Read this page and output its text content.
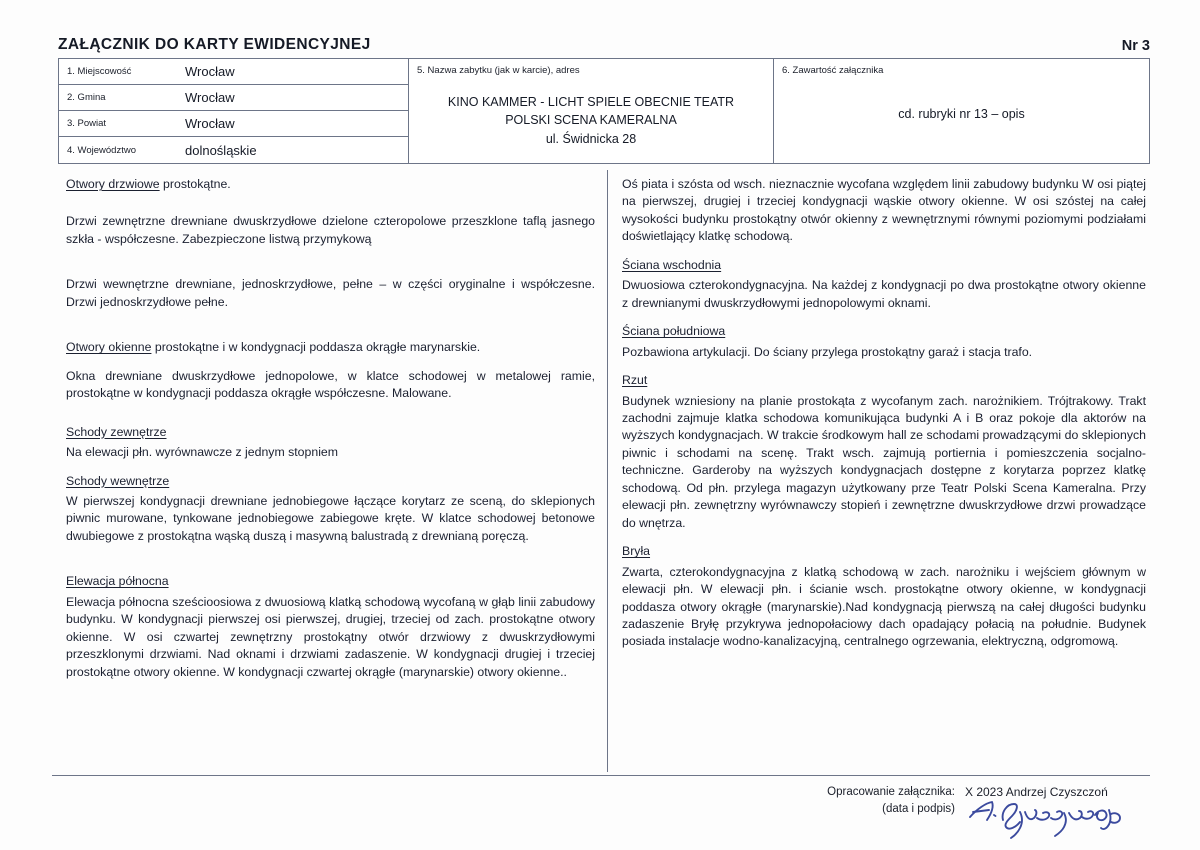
ZAŁĄCZNIK DO KARTY EWIDENCYJNEJ	Nr 3
1. Miejscowość	Wrocław
2. Gmina	Wrocław
3. Powiat	Wrocław
4. Województwo	dolnośląskie
5. Nazwa zabytku (jak w karcie), adres
KINO KAMMER - LICHT SPIELE OBECNIE TEATR
POLSKI SCENA KAMERALNA
ul. Świdnicka 28
6. Zawartość załącznika
cd. rubryki nr 13 – opis

Otwory drzwiowe prostokątne.

Drzwi zewnętrzne drewniane dwuskrzydłowe dzielone czteropolowe przeszklone taflą jasnego szkła - współczesne. Zabezpieczone listwą przymykową

Drzwi wewnętrzne drewniane, jednoskrzydłowe, pełne – w części oryginalne i współczesne. Drzwi jednoskrzydłowe pełne.

Otwory okienne prostokątne i w kondygnacji poddasza okrągłe marynarskie.

Okna drewniane dwuskrzydłowe jednopolowe, w klatce schodowej w metalowej ramie, prostokątne w kondygnacji poddasza okrągłe współczesne. Malowane.

Schody zewnętrze

Na elewacji płn. wyrównawcze z jednym stopniem

Schody wewnętrze

W pierwszej kondygnacji drewniane jednobiegowe łączące korytarz ze sceną, do sklepionych piwnic murowane, tynkowane jednobiegowe zabiegowe kręte. W klatce schodowej betonowe dwubiegowe z prostokątna wąską duszą i masywną balustradą z drewnianą poręczą.

Elewacja północna

Elewacja północna sześcioosiowa z dwuosiową klatką schodową wycofaną w głąb linii zabudowy budynku. W kondygnacji pierwszej osi pierwszej, drugiej, trzeciej od zach. prostokątne otwory okienne. W osi czwartej zewnętrzny prostokątny otwór drzwiowy z dwuskrzydłowymi przeszklonymi drzwiami. Nad oknami i drzwiami zadaszenie. W kondygnacji drugiej i trzeciej prostokątne otwory okienne. W kondygnacji czwartej okrągłe (marynarskie) otwory okienne..

Oś piata i szósta od wsch. nieznacznie wycofana względem linii zabudowy budynku W osi piątej na pierwszej, drugiej i trzeciej kondygnacji wąskie otwory okienne. W osi szóstej na całej wysokości budynku prostokątny otwór okienny z wewnętrznymi równymi poziomymi podziałami doświetlający klatkę schodową.

Ściana wschodnia

Dwuosiowa czterokondygnacyjna. Na każdej z kondygnacji po dwa prostokątne otwory okienne z drewnianymi dwuskrzydłowymi jednopolowymi oknami.

Ściana południowa

Pozbawiona artykulacji. Do ściany przylega prostokątny garaż i stacja trafo.

Rzut

Budynek wzniesiony na planie prostokąta z wycofanym zach. narożnikiem. Trójtrakowy. Trakt zachodni zajmuje klatka schodowa komunikująca budynki A i B oraz pokoje dla aktorów na wyższych kondygnacjach. W trakcie środkowym hall ze schodami prowadzącymi do sklepionych piwnic i schodami na scenę. Trakt wsch. zajmują portiernia i pomieszczenia socjalno-techniczne. Garderoby na wyższych kondygnacjach dostępne z korytarza poprzez klatkę schodową. Od płn. przylega magazyn użytkowany prze Teatr Polski Scena Kameralna. Przy elewacji płn. zewnętrzny wyrównawczy stopień i zewnętrzne dwuskrzydłowe drzwi prowadzące do wnętrza.

Bryła

Zwarta, czterokondygnacyjna z klatką schodową w zach. narożniku i wejściem głównym w elewacji płn. W elewacji płn. i ścianie wsch. prostokątne otwory okienne, w kondygnacji poddasza otwory okrągłe (marynarskie).Nad kondygnacją pierwszą na całej długości budynku zadaszenie Bryłę przykrywa jednopołaciowy dach opadający połacią na południe. Budynek posiada instalacje wodno-kanalizacyjną, centralnego ogrzewania, elektryczną, odgromową.

Opracowanie załącznika:
(data i podpis)
X 2023 Andrzej Czyszczoń
